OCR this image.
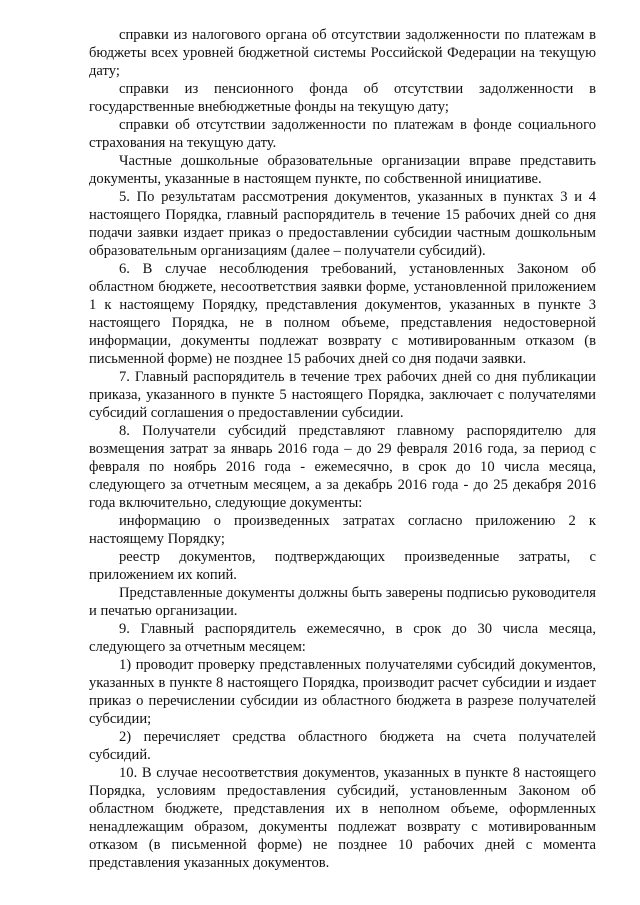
справки из налогового органа об отсутствии задолженности по платежам в бюджеты всех уровней бюджетной системы Российской Федерации на текущую дату;

справки из пенсионного фонда об отсутствии задолженности в государственные внебюджетные фонды на текущую дату;

справки об отсутствии задолженности по платежам в фонде социального страхования на текущую дату.

Частные дошкольные образовательные организации вправе представить документы, указанные в настоящем пункте, по собственной инициативе.

5. По результатам рассмотрения документов, указанных в пунктах 3 и 4 настоящего Порядка, главный распорядитель в течение 15 рабочих дней со дня подачи заявки издает приказ о предоставлении субсидии частным дошкольным образовательным организациям (далее – получатели субсидий).

6. В случае несоблюдения требований, установленных Законом об областном бюджете, несоответствия заявки форме, установленной приложением 1 к настоящему Порядку, представления документов, указанных в пункте 3 настоящего Порядка, не в полном объеме, представления недостоверной информации, документы подлежат возврату с мотивированным отказом (в письменной форме) не позднее 15 рабочих дней со дня подачи заявки.

7. Главный распорядитель в течение трех рабочих дней со дня публикации приказа, указанного в пункте 5 настоящего Порядка, заключает с получателями субсидий соглашения о предоставлении субсидии.

8. Получатели субсидий представляют главному распорядителю для возмещения затрат за январь 2016 года – до 29 февраля 2016 года, за период с февраля по ноябрь 2016 года - ежемесячно, в срок до 10 числа месяца, следующего за отчетным месяцем, а за декабрь 2016 года - до 25 декабря 2016 года включительно, следующие документы:

информацию о произведенных затратах согласно приложению 2 к настоящему Порядку;

реестр документов, подтверждающих произведенные затраты, с приложением их копий.

Представленные документы должны быть заверены подписью руководителя и печатью организации.

9. Главный распорядитель ежемесячно, в срок до 30 числа месяца, следующего за отчетным месяцем:

1) проводит проверку представленных получателями субсидий документов, указанных в пункте 8 настоящего Порядка, производит расчет субсидии и издает приказ о перечислении субсидии из областного бюджета в разрезе получателей субсидии;

2) перечисляет средства областного бюджета на счета получателей субсидий.

10. В случае несоответствия документов, указанных в пункте 8 настоящего Порядка, условиям предоставления субсидий, установленным Законом об областном бюджете, представления их в неполном объеме, оформленных ненадлежащим образом, документы подлежат возврату с мотивированным отказом (в письменной форме) не позднее 10 рабочих дней с момента представления указанных документов.
